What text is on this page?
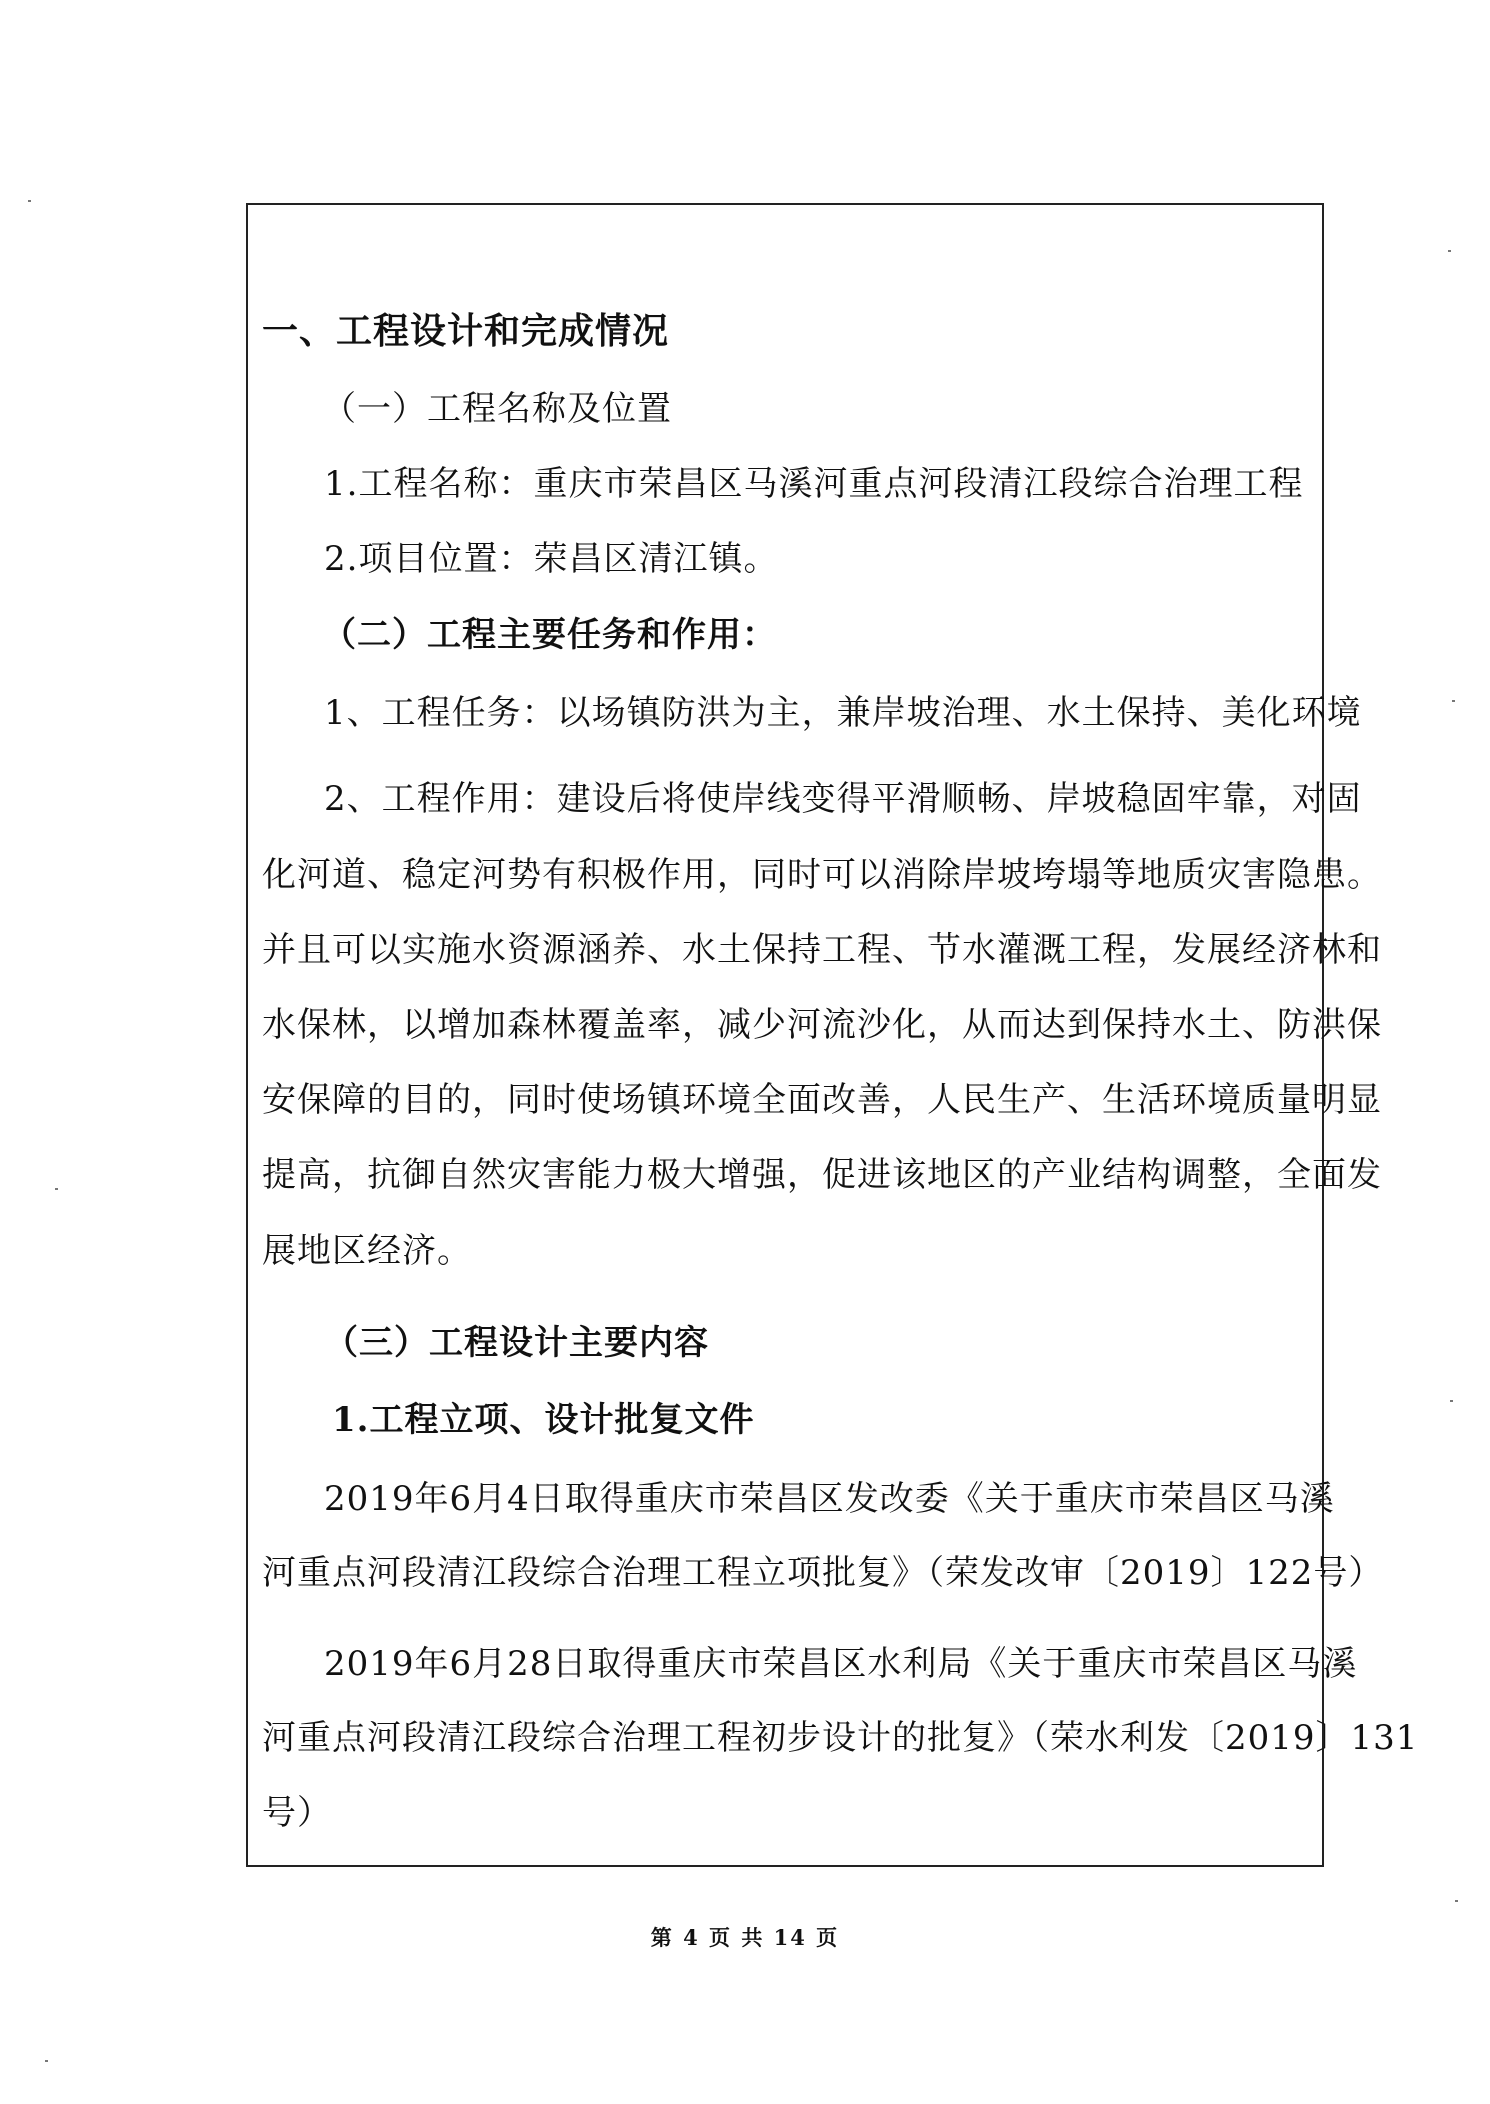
一、工程设计和完成情况

（一）工程名称及位置

1.工程名称：重庆市荣昌区马溪河重点河段清江段综合治理工程

2.项目位置：荣昌区清江镇。

（二）工程主要任务和作用：

1、工程任务：以场镇防洪为主，兼岸坡治理、水土保持、美化环境

2、工程作用：建设后将使岸线变得平滑顺畅、岸坡稳固牢靠，对固

化河道、稳定河势有积极作用，同时可以消除岸坡垮塌等地质灾害隐患。

并且可以实施水资源涵养、水土保持工程、节水灌溉工程，发展经济林和

水保林，以增加森林覆盖率，减少河流沙化，从而达到保持水土、防洪保

安保障的目的，同时使场镇环境全面改善，人民生产、生活环境质量明显

提高，抗御自然灾害能力极大增强，促进该地区的产业结构调整，全面发

展地区经济。

（三）工程设计主要内容

1.工程立项、设计批复文件

2019年6月4日取得重庆市荣昌区发改委《关于重庆市荣昌区马溪

河重点河段清江段综合治理工程立项批复》（荣发改审〔2019〕122号）

2019年6月28日取得重庆市荣昌区水利局《关于重庆市荣昌区马溪

河重点河段清江段综合治理工程初步设计的批复》（荣水利发〔2019〕131

号）

第 4 页 共 14 页
